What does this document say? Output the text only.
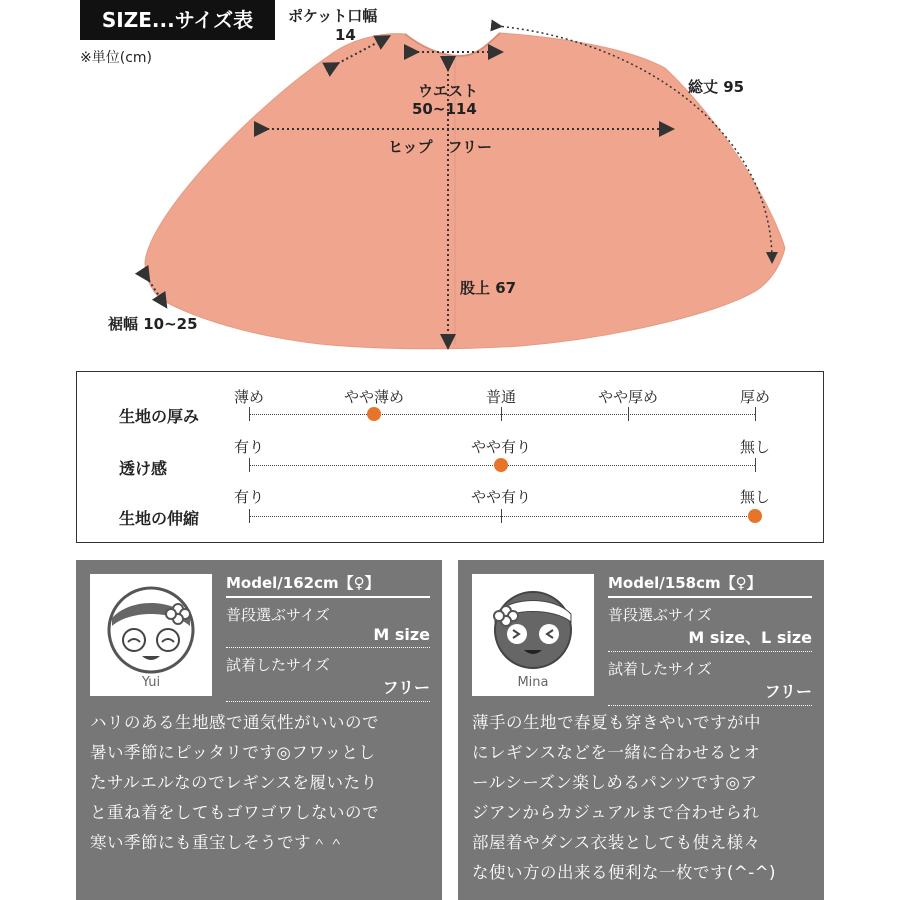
SIZE...サイズ表
※単位(cm)
ポケット口幅
14
ウエスト
50~114
総丈 95
ヒップ　フリー
股上 67
裾幅 10~25
生地の厚み
薄め	やや薄め	普通	やや厚め	厚め
透け感
有り	やや有り	無し
生地の伸縮
有り	やや有り	無し
Yui
Model/162cm【♀】
普段選ぶサイズ
M size
試着したサイズ
フリー
ハリのある生地感で通気性がいいので
暑い季節にピッタリです◎フワッとし
たサルエルなのでレギンスを履いたり
と重ね着をしてもゴワゴワしないので
寒い季節にも重宝しそうです＾＾
Mina
Model/158cm【♀】
普段選ぶサイズ
M size、L size
試着したサイズ
フリー
薄手の生地で春夏も穿きやいですが中
にレギンスなどを一緒に合わせるとオ
ールシーズン楽しめるパンツです◎ア
ジアンからカジュアルまで合わせられ
部屋着やダンス衣装としても使え様々
な使い方の出来る便利な一枚です(^-^)
